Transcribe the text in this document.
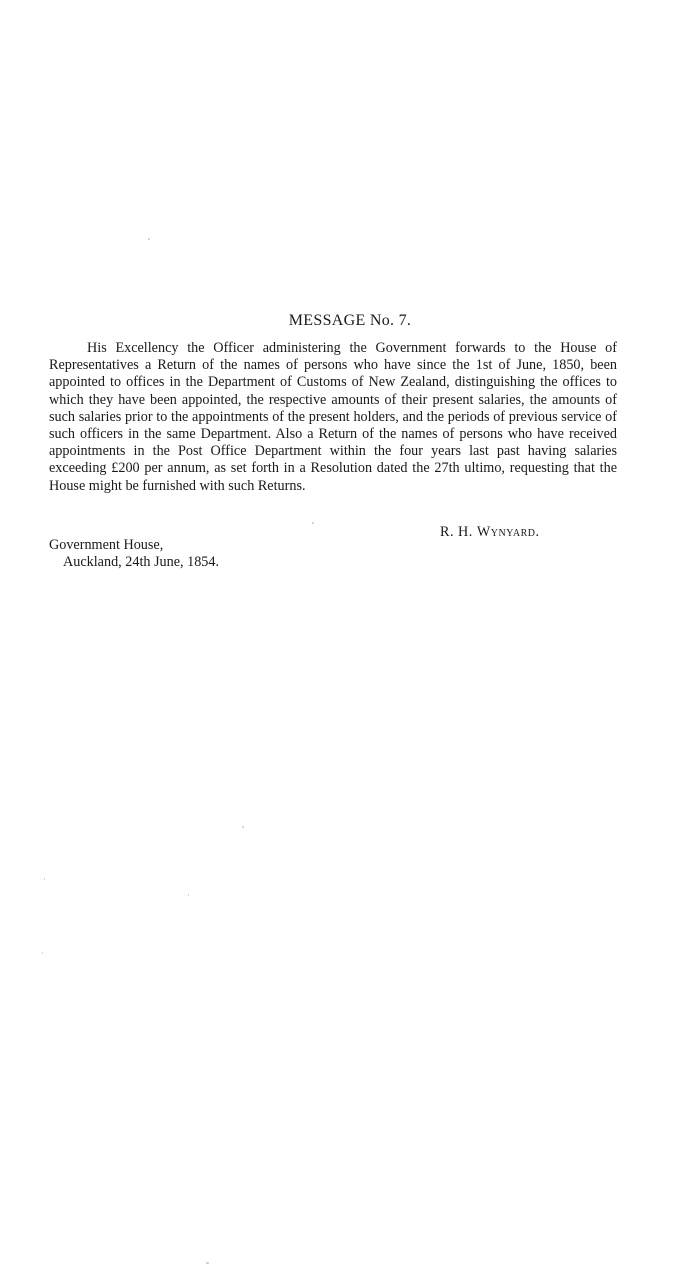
MESSAGE No. 7.

His Excellency the Officer administering the Government forwards to the House of Representatives a Return of the names of persons who have since the 1st of June, 1850, been appointed to offices in the Department of Customs of New Zealand, distinguishing the offices to which they have been appointed, the respective amounts of their present salaries, the amounts of such salaries prior to the appointments of the present holders, and the periods of previous service of such officers in the same Department. Also a Return of the names of persons who have received appointments in the Post Office Department within the four years last past having salaries exceeding £200 per annum, as set forth in a Resolution dated the 27th ultimo, requesting that the House might be furnished with such Returns.

R. H. Wynyard.
Government House,
Auckland, 24th June, 1854.
